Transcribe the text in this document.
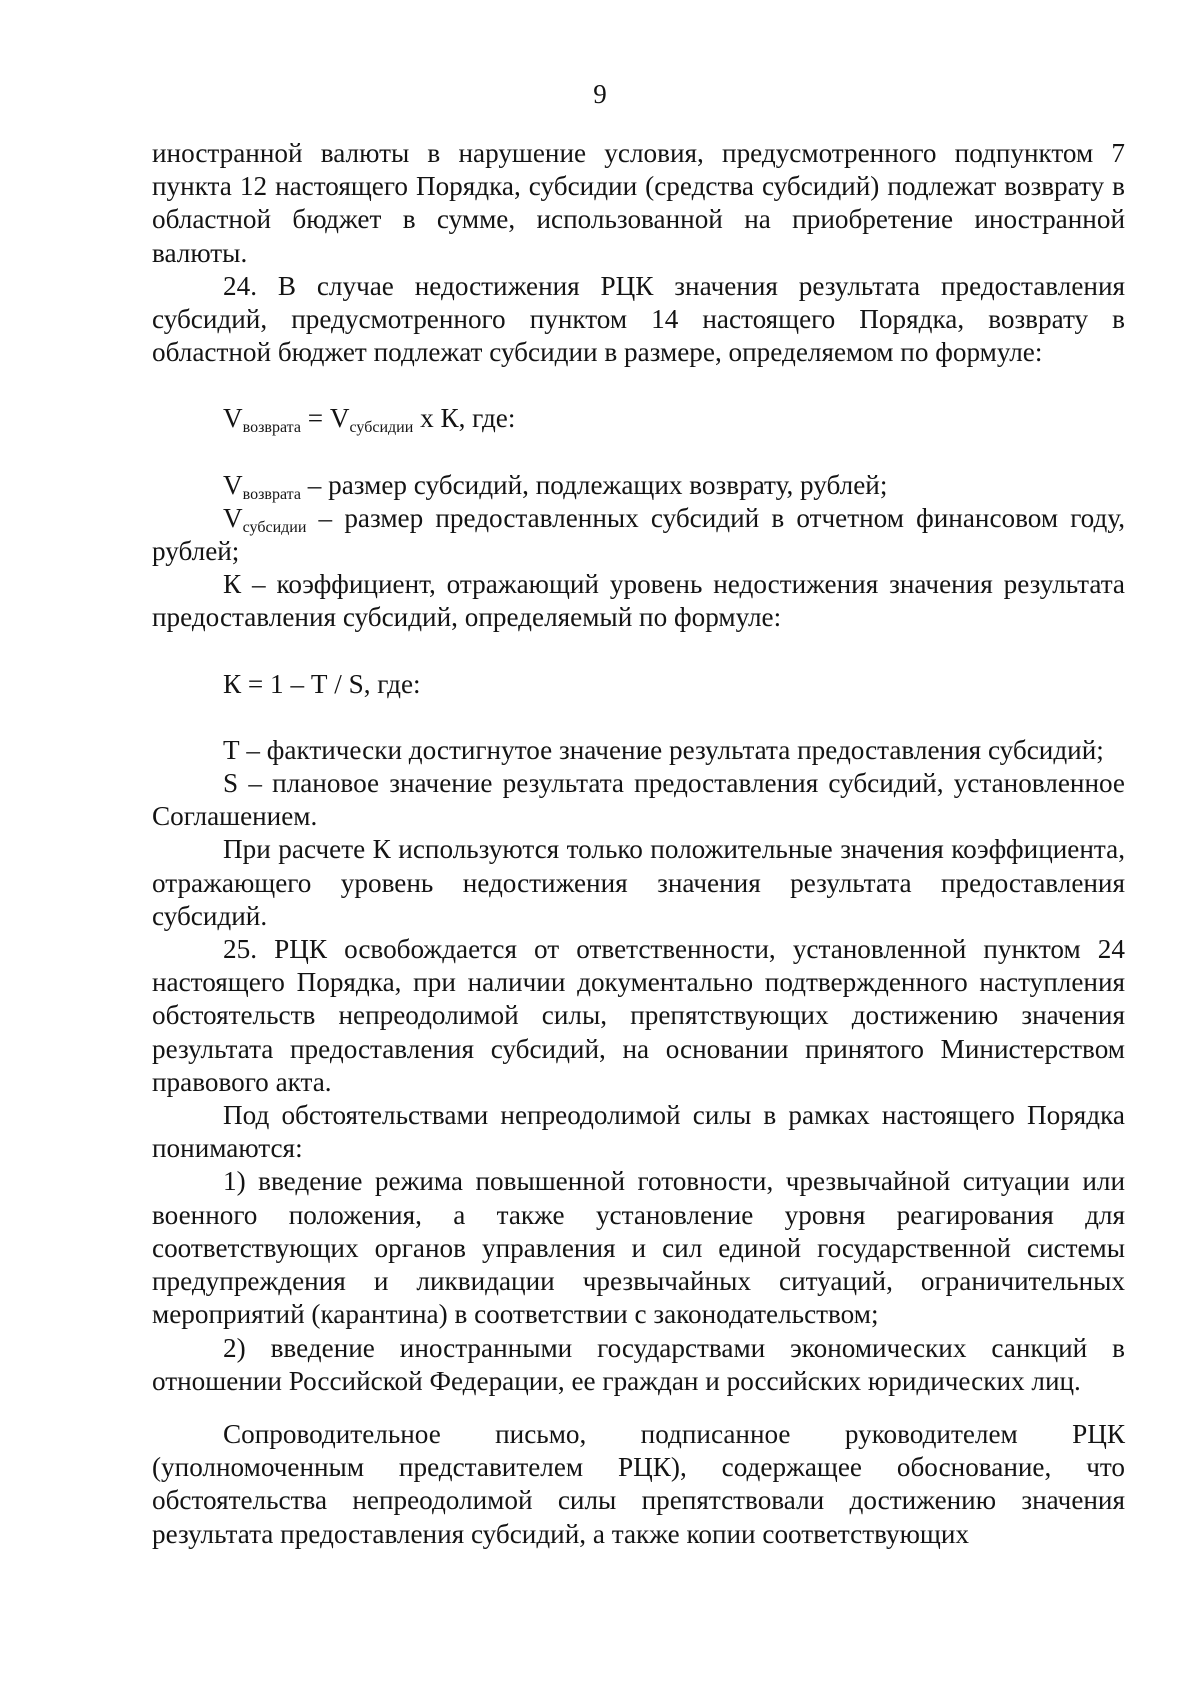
9

иностранной валюты в нарушение условия, предусмотренного подпунктом 7 пункта 12 настоящего Порядка, субсидии (средства субсидий) подлежат возврату в областной бюджет в сумме, использованной на приобретение иностранной валюты.

24. В случае недостижения РЦК значения результата предоставления субсидий, предусмотренного пунктом 14 настоящего Порядка, возврату в областной бюджет подлежат субсидии в размере, определяемом по формуле:

$V_{возврата} = V_{субсидии}$ x К, где:

$V_{возврата}$ – размер субсидий, подлежащих возврату, рублей;

$V_{субсидии}$ – размер предоставленных субсидий в отчетном финансовом году, рублей;

К – коэффициент, отражающий уровень недостижения значения результата предоставления субсидий, определяемый по формуле:

К = 1 – Т / S, где:

Т – фактически достигнутое значение результата предоставления субсидий;

S – плановое значение результата предоставления субсидий, установленное Соглашением.

При расчете К используются только положительные значения коэффициента, отражающего уровень недостижения значения результата предоставления субсидий.

25. РЦК освобождается от ответственности, установленной пунктом 24 настоящего Порядка, при наличии документально подтвержденного наступления обстоятельств непреодолимой силы, препятствующих достижению значения результата предоставления субсидий, на основании принятого Министерством правового акта.

Под обстоятельствами непреодолимой силы в рамках настоящего Порядка понимаются:

1) введение режима повышенной готовности, чрезвычайной ситуации или военного положения, а также установление уровня реагирования для соответствующих органов управления и сил единой государственной системы предупреждения и ликвидации чрезвычайных ситуаций, ограничительных мероприятий (карантина) в соответствии с законодательством;

2) введение иностранными государствами экономических санкций в отношении Российской Федерации, ее граждан и российских юридических лиц.

Сопроводительное письмо, подписанное руководителем РЦК (уполномоченным представителем РЦК), содержащее обоснование, что обстоятельства непреодолимой силы препятствовали достижению значения результата предоставления субсидий, а также копии соответствующих
